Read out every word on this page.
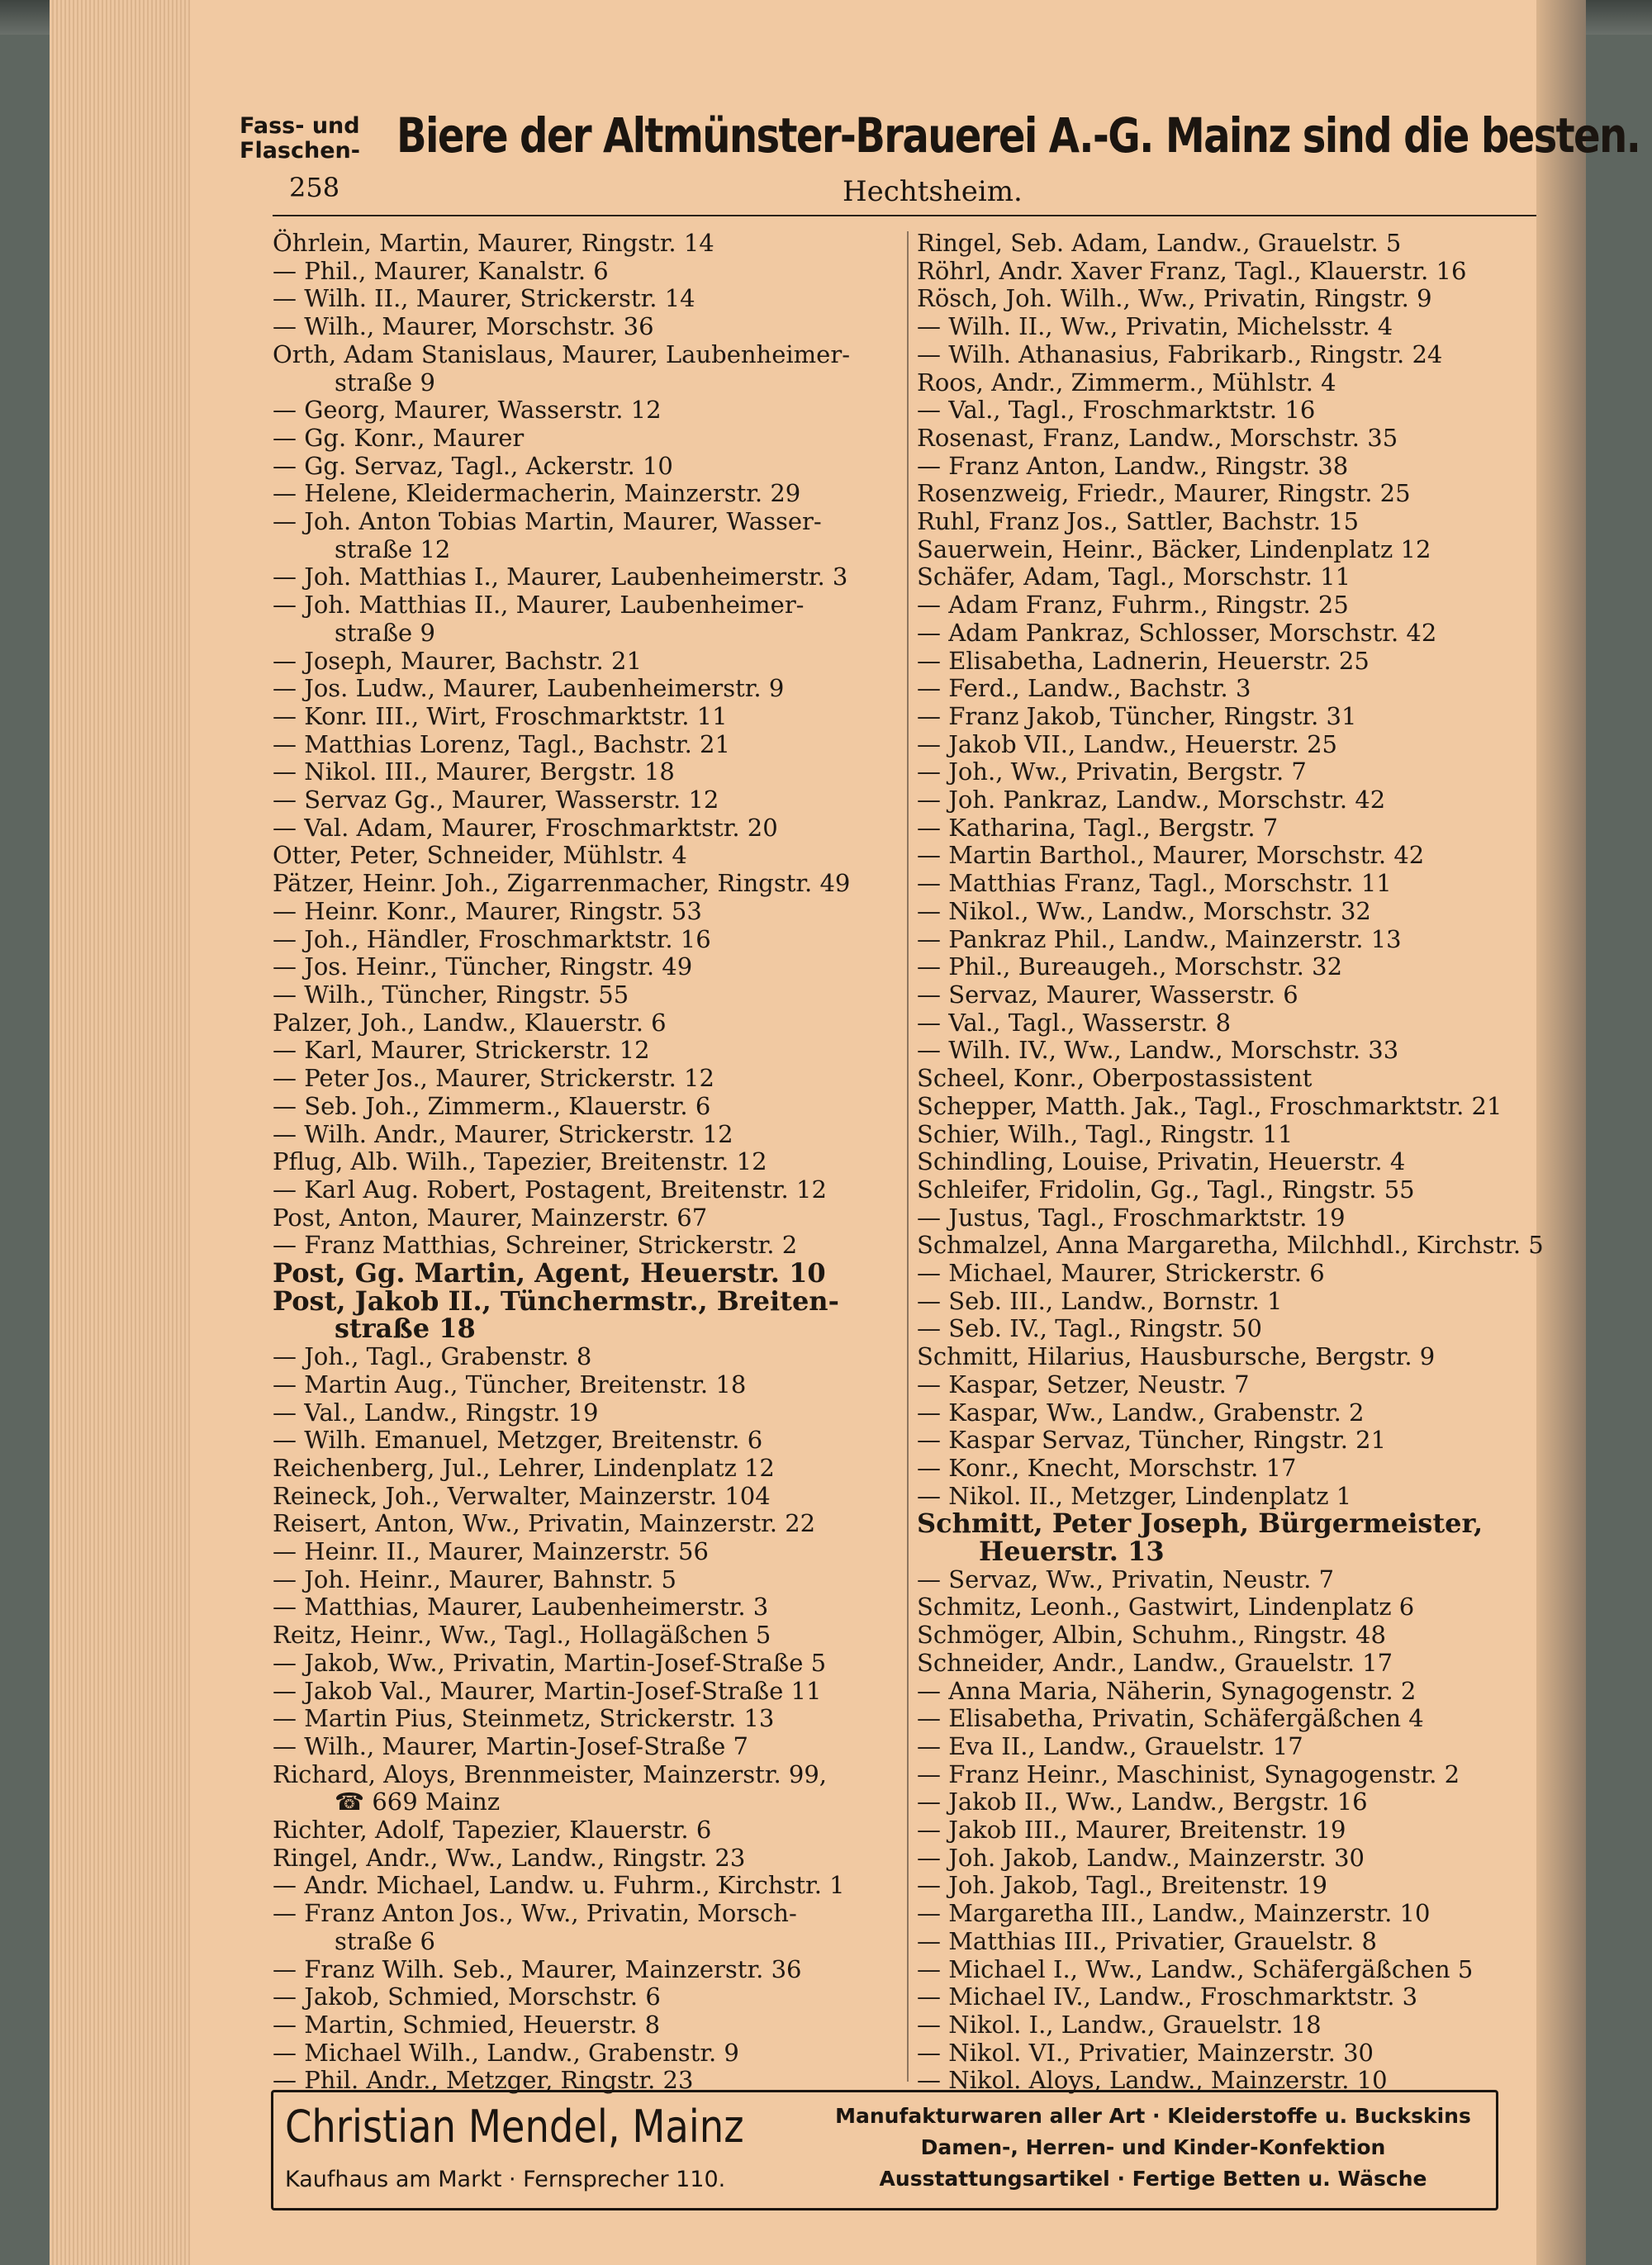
Fass- und
Flaschen- Biere der Altmünster-Brauerei A.-G. Mainz sind die besten.
258	Hechtsheim.
Öhrlein, Martin, Maurer, Ringstr. 14
— Phil., Maurer, Kanalstr. 6
— Wilh. II., Maurer, Strickerstr. 14
— Wilh., Maurer, Morschstr. 36
Orth, Adam Stanislaus, Maurer, Laubenheimer-
straße 9
— Georg, Maurer, Wasserstr. 12
— Gg. Konr., Maurer
— Gg. Servaz, Tagl., Ackerstr. 10
— Helene, Kleidermacherin, Mainzerstr. 29
— Joh. Anton Tobias Martin, Maurer, Wasser-
straße 12
— Joh. Matthias I., Maurer, Laubenheimerstr. 3
— Joh. Matthias II., Maurer, Laubenheimer-
straße 9
— Joseph, Maurer, Bachstr. 21
— Jos. Ludw., Maurer, Laubenheimerstr. 9
— Konr. III., Wirt, Froschmarktstr. 11
— Matthias Lorenz, Tagl., Bachstr. 21
— Nikol. III., Maurer, Bergstr. 18
— Servaz Gg., Maurer, Wasserstr. 12
— Val. Adam, Maurer, Froschmarktstr. 20
Otter, Peter, Schneider, Mühlstr. 4
Pätzer, Heinr. Joh., Zigarrenmacher, Ringstr. 49
— Heinr. Konr., Maurer, Ringstr. 53
— Joh., Händler, Froschmarktstr. 16
— Jos. Heinr., Tüncher, Ringstr. 49
— Wilh., Tüncher, Ringstr. 55
Palzer, Joh., Landw., Klauerstr. 6
— Karl, Maurer, Strickerstr. 12
— Peter Jos., Maurer, Strickerstr. 12
— Seb. Joh., Zimmerm., Klauerstr. 6
— Wilh. Andr., Maurer, Strickerstr. 12
Pflug, Alb. Wilh., Tapezier, Breitenstr. 12
— Karl Aug. Robert, Postagent, Breitenstr. 12
Post, Anton, Maurer, Mainzerstr. 67
— Franz Matthias, Schreiner, Strickerstr. 2
Post, Gg. Martin, Agent, Heuerstr. 10
Post, Jakob II., Tünchermstr., Breiten-
straße 18
— Joh., Tagl., Grabenstr. 8
— Martin Aug., Tüncher, Breitenstr. 18
— Val., Landw., Ringstr. 19
— Wilh. Emanuel, Metzger, Breitenstr. 6
Reichenberg, Jul., Lehrer, Lindenplatz 12
Reineck, Joh., Verwalter, Mainzerstr. 104
Reisert, Anton, Ww., Privatin, Mainzerstr. 22
— Heinr. II., Maurer, Mainzerstr. 56
— Joh. Heinr., Maurer, Bahnstr. 5
— Matthias, Maurer, Laubenheimerstr. 3
Reitz, Heinr., Ww., Tagl., Hollagäßchen 5
— Jakob, Ww., Privatin, Martin-Josef-Straße 5
— Jakob Val., Maurer, Martin-Josef-Straße 11
— Martin Pius, Steinmetz, Strickerstr. 13
— Wilh., Maurer, Martin-Josef-Straße 7
Richard, Aloys, Brennmeister, Mainzerstr. 99,
☎ 669 Mainz
Richter, Adolf, Tapezier, Klauerstr. 6
Ringel, Andr., Ww., Landw., Ringstr. 23
— Andr. Michael, Landw. u. Fuhrm., Kirchstr. 1
— Franz Anton Jos., Ww., Privatin, Morsch-
straße 6
— Franz Wilh. Seb., Maurer, Mainzerstr. 36
— Jakob, Schmied, Morschstr. 6
— Martin, Schmied, Heuerstr. 8
— Michael Wilh., Landw., Grabenstr. 9
— Phil. Andr., Metzger, Ringstr. 23
Ringel, Seb. Adam, Landw., Grauelstr. 5
Röhrl, Andr. Xaver Franz, Tagl., Klauerstr. 16
Rösch, Joh. Wilh., Ww., Privatin, Ringstr. 9
— Wilh. II., Ww., Privatin, Michelsstr. 4
— Wilh. Athanasius, Fabrikarb., Ringstr. 24
Roos, Andr., Zimmerm., Mühlstr. 4
— Val., Tagl., Froschmarktstr. 16
Rosenast, Franz, Landw., Morschstr. 35
— Franz Anton, Landw., Ringstr. 38
Rosenzweig, Friedr., Maurer, Ringstr. 25
Ruhl, Franz Jos., Sattler, Bachstr. 15
Sauerwein, Heinr., Bäcker, Lindenplatz 12
Schäfer, Adam, Tagl., Morschstr. 11
— Adam Franz, Fuhrm., Ringstr. 25
— Adam Pankraz, Schlosser, Morschstr. 42
— Elisabetha, Ladnerin, Heuerstr. 25
— Ferd., Landw., Bachstr. 3
— Franz Jakob, Tüncher, Ringstr. 31
— Jakob VII., Landw., Heuerstr. 25
— Joh., Ww., Privatin, Bergstr. 7
— Joh. Pankraz, Landw., Morschstr. 42
— Katharina, Tagl., Bergstr. 7
— Martin Barthol., Maurer, Morschstr. 42
— Matthias Franz, Tagl., Morschstr. 11
— Nikol., Ww., Landw., Morschstr. 32
— Pankraz Phil., Landw., Mainzerstr. 13
— Phil., Bureaugeh., Morschstr. 32
— Servaz, Maurer, Wasserstr. 6
— Val., Tagl., Wasserstr. 8
— Wilh. IV., Ww., Landw., Morschstr. 33
Scheel, Konr., Oberpostassistent
Schepper, Matth. Jak., Tagl., Froschmarktstr. 21
Schier, Wilh., Tagl., Ringstr. 11
Schindling, Louise, Privatin, Heuerstr. 4
Schleifer, Fridolin, Gg., Tagl., Ringstr. 55
— Justus, Tagl., Froschmarktstr. 19
Schmalzel, Anna Margaretha, Milchhdl., Kirchstr. 5
— Michael, Maurer, Strickerstr. 6
— Seb. III., Landw., Bornstr. 1
— Seb. IV., Tagl., Ringstr. 50
Schmitt, Hilarius, Hausbursche, Bergstr. 9
— Kaspar, Setzer, Neustr. 7
— Kaspar, Ww., Landw., Grabenstr. 2
— Kaspar Servaz, Tüncher, Ringstr. 21
— Konr., Knecht, Morschstr. 17
— Nikol. II., Metzger, Lindenplatz 1
Schmitt, Peter Joseph, Bürgermeister,
Heuerstr. 13
— Servaz, Ww., Privatin, Neustr. 7
Schmitz, Leonh., Gastwirt, Lindenplatz 6
Schmöger, Albin, Schuhm., Ringstr. 48
Schneider, Andr., Landw., Grauelstr. 17
— Anna Maria, Näherin, Synagogenstr. 2
— Elisabetha, Privatin, Schäfergäßchen 4
— Eva II., Landw., Grauelstr. 17
— Franz Heinr., Maschinist, Synagogenstr. 2
— Jakob II., Ww., Landw., Bergstr. 16
— Jakob III., Maurer, Breitenstr. 19
— Joh. Jakob, Landw., Mainzerstr. 30
— Joh. Jakob, Tagl., Breitenstr. 19
— Margaretha III., Landw., Mainzerstr. 10
— Matthias III., Privatier, Grauelstr. 8
— Michael I., Ww., Landw., Schäfergäßchen 5
— Michael IV., Landw., Froschmarktstr. 3
— Nikol. I., Landw., Grauelstr. 18
— Nikol. VI., Privatier, Mainzerstr. 30
— Nikol. Aloys, Landw., Mainzerstr. 10
Christian Mendel, Mainz
Kaufhaus am Markt · Fernsprecher 110.
Manufakturwaren aller Art · Kleiderstoffe u. Buckskins
Damen-, Herren- und Kinder-Konfektion
Ausstattungsartikel · Fertige Betten u. Wäsche
